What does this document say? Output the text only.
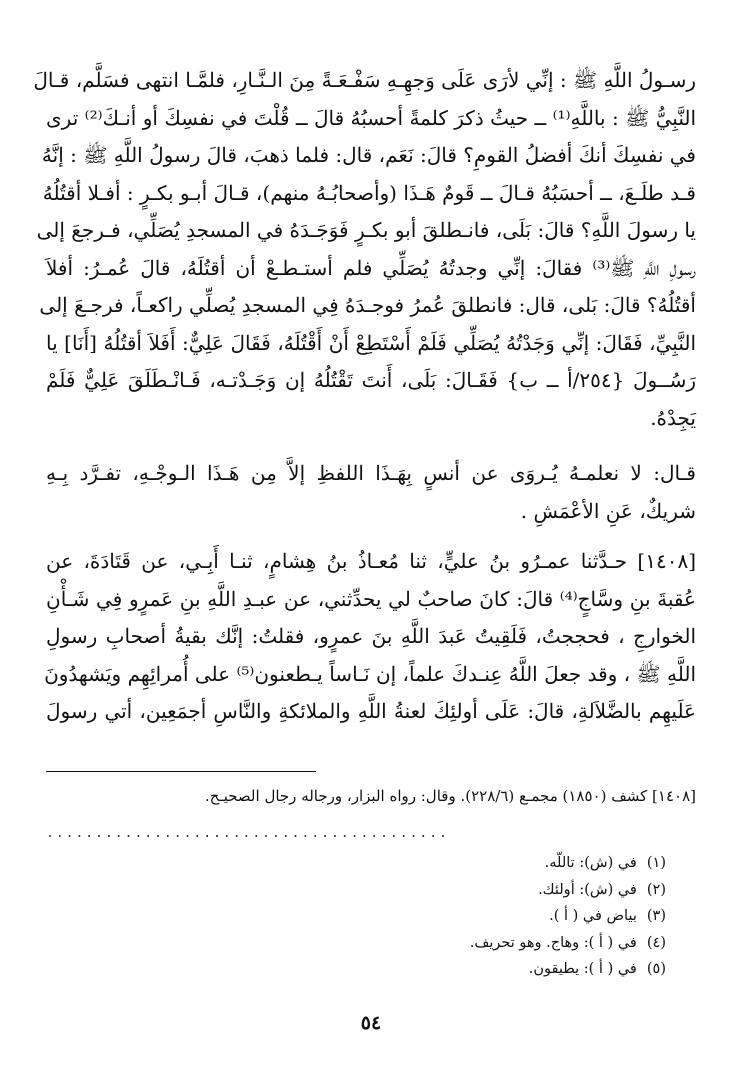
رسـولُ اللَّهِ ﷺ : إنِّي لأرَى عَلَى وَجهِـهِ سَفْـعَـةً مِنَ الـنَّـارِ، فلمَّـا انتهى فسَلَّم، قـالَ
النَّبِيُّ ﷺ : باللَّهِ⁽¹⁾ ــ حيثُ ذكرَ كلمةً أحسبُهُ قالَ ــ قُلْتَ في نفسِكَ أو أنـكَ⁽²⁾ ترى
في نفسِكَ أنكَ أفضلُ القومِ؟ قالَ: نَعَم، قال: فلما ذهبَ، قالَ رسولُ اللَّهِ ﷺ : إنَّهُ
قـد طلَـعَ، ــ أحسَبُهُ قـالَ ــ قَومٌ هَـذَا (وأصحابُـهُ منهم)، قـالَ أبـو بكـرٍ : أفـلا أقتُلُهُ
يا رسولَ اللَّهِ؟ قالَ: بَلَى، فانـطلقَ أبو بكـرٍ فَوَجَـدَهُ في المسجدِ يُصَلِّي، فـرجعَ إلى
رسولِ اللَّهِ ﷺ⁽³⁾ فقالَ: إنِّي وجدتُهُ يُصَلِّي فلم أستـطـعْ أن أقتُلَهُ، قالَ عُمـرُ: أفلاَ
أقتُلُهُ؟ قالَ: بَلى، قال: فانطلقَ عُمرُ فوجـدَهُ فِي المسجدِ يُصلِّي راكعـاً، فرجـعَ إلى
النَّبِيِّ، فَقَالَ: إنِّي وَجَدْتُهُ يُصَلِّي فَلَمْ أَسْتَطِعْ أَنْ أَقْتُلَهُ، فَقَالَ عَلِيٌّ: أَفَلاَ أقتُلُهُ [أَنَا] يا
رَسُــولَ {٢٥٤/أ ــ ب} فَقَـالَ: بَلَى، أَنتَ تَقْتُلُهُ إن وَجَـدْتـه، فَـانْـطَلَقَ عَلِيٌّ فَلَمْ
يَجِدْهُ.
قـال: لا نعلمـهُ يُـروَى عن أنسٍ بِهَـذَا اللفظِ إلاَّ مِن هَـذَا الـوجْـهِ، تفـرَّد بِـهِ
شريكٌ، عَنِ الأعْمَشِ .
[١٤٠٨] حـدَّثنا عمـرُو بنُ عليٍّ، ثنا مُعـاذُ بنُ هِشامٍ، ثنـا أَبِـي، عن قَتَادَةَ، عن
عُقبةَ بنِ وسَّاجٍ⁽⁴⁾ قالَ: كانَ صاحبٌ لي يحدِّثني، عن عبـدِ اللَّهِ بنِ عَمرٍو فِي شَـأْنِ
الخوارجِ ، فحججتُ، فَلَقِيتُ عَبدَ اللَّهِ بنَ عمرٍو، فقلتُ: إنَّك بقيةُ أصحابِ رسولِ
اللَّهِ ﷺ ، وقد جعلَ اللَّهُ عِنـدكَ علماً، إن نَـاساً يـطعنون⁽⁵⁾ على أُمرائِهِم ويَشهدُونَ
عَلَيهِم بالضَّلاَلةِ، قالَ: عَلَى أولئِكَ لعنةُ اللَّهِ والملائكةِ والنَّاسِ أجمَعِين، أتي رسولَ
[١٤٠٨] كشف (١٨٥٠) مجمـع (٢٢٨/٦). وقال: رواه البزار، ورجاله رجال الصحيـح.
.........................................
(١)في (ش): تاللّه.
(٢)في (ش): أولئك.
(٣)بياض في ( أ ).
(٤)في ( أ ): وهاج. وهو تحريف.
(٥)في ( أ ): يطيقون.
٥٤
